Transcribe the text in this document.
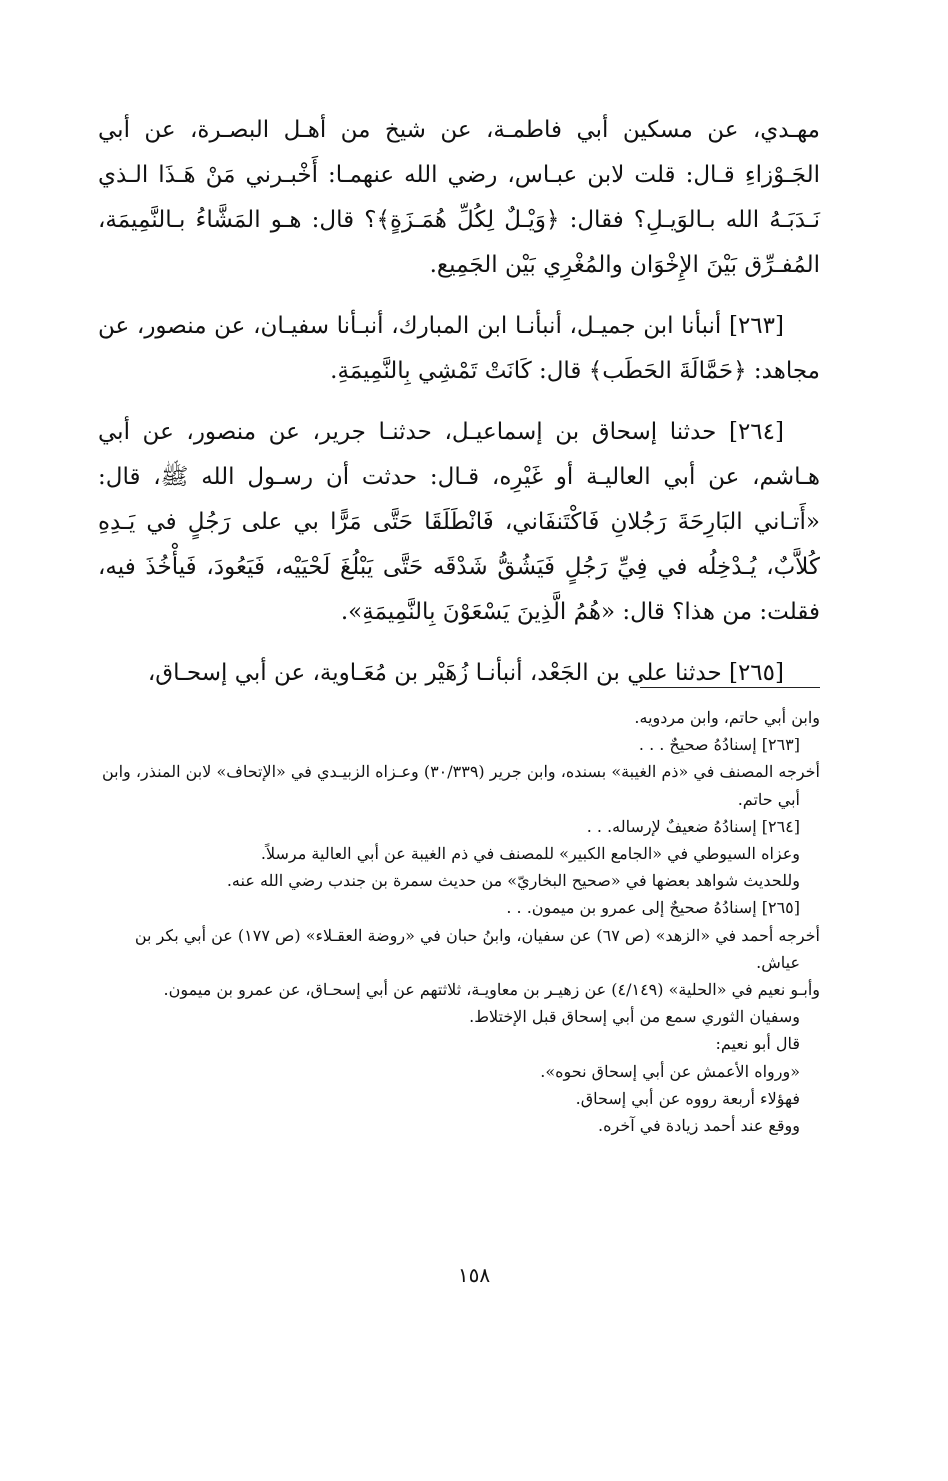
مهـدي، عن مسكين أبي فاطمـة، عن شيخ من أهـل البصـرة، عن أبي الجَـوْزاءِ قـال: قلت لابن عبـاس، رضي الله عنهمـا: أَخْبـرني مَنْ هَـذَا الـذي نَـدَبَـهُ الله بـالوَيـلِ؟ فقال: ﴿وَيْـلٌ لِكُلِّ هُمَـزَةٍ﴾؟ قال: هـو المَشَّاءُ بـالنَّمِيمَة، المُفـرِّق بَيْنَ الإِخْوَان والمُغْرِي بَيْن الجَمِيع.

[٢٦٣] أنبأنا ابن جميـل، أنبأنـا ابن المبارك، أنبـأنا سفيـان، عن منصور، عن مجاهد: ﴿حَمَّالَةَ الحَطَب﴾ قال: كَانَتْ تَمْشِي بِالنَّمِيمَةِ.

[٢٦٤] حدثنا إسحاق بن إسماعيـل، حدثنـا جرير، عن منصور، عن أبي هـاشم، عن أبي العاليـة أو غَيْرِه، قـال: حدثت أن رسـول الله ﷺ، قال: «أَتـاني البَارِحَةَ رَجُلانِ فَاكْتَنفَاني، فَانْطَلَقَا حَتَّى مَرًّا بي على رَجُلٍ في يَـدِهِ كُلاَّبٌ، يُـدْخِلُه في فِيِّ رَجُلٍ فَيَشُقُّ شَدْقَه حَتَّى يَبْلُغَ لَحْيَيْه، فَيَعُودَ، فَيأْخُذَ فيه، فقلت: من هذا؟ قال: «هُمُ الَّذِينَ يَسْعَوْنَ بِالنَّمِيمَةِ».

[٢٦٥] حدثنا علي بن الجَعْد، أنبأنـا زُهَيْر بن مُعَـاوية، عن أبي إسحـاق،

وابن أبي حاتم، وابن مردويه.

[٢٦٣] إسنادُهُ صحيحٌ . . .

أخرجه المصنف في «ذم الغيبة» بسنده، وابن جرير (٣٠/٣٣٩) وعـزاه الزبيـدي في «الإتحاف» لابن المنذر، وابن أبي حاتم.

[٢٦٤] إسنادُهُ ضعيفٌ لإرساله. . .

وعزاه السيوطي في «الجامع الكبير» للمصنف في ذم الغيبة عن أبي العالية مرسلاً.

وللحديث شواهد بعضها في «صحيح البخاريّ» من حديث سمرة بن جندب رضي الله عنه.

[٢٦٥] إسنادُهُ صحيحٌ إلى عمرو بن ميمون. . .

أخرجه أحمد في «الزهد» (ص ٦٧) عن سفيان، وابنُ حبان في «روضة العقـلاء» (ص ١٧٧) عن أبي بكر بن عياش.

وأبـو نعيم في «الحلية» (٤/١٤٩) عن زهيـر بن معاويـة، ثلاثتهم عن أبي إسحـاق، عن عمرو بن ميمون.

وسفيان الثوري سمع من أبي إسحاق قبل الإختلاط.

قال أبو نعيم:

«ورواه الأعمش عن أبي إسحاق نحوه».

فهؤلاء أربعة رووه عن أبي إسحاق.

ووقع عند أحمد زيادة في آخره.

١٥٨
